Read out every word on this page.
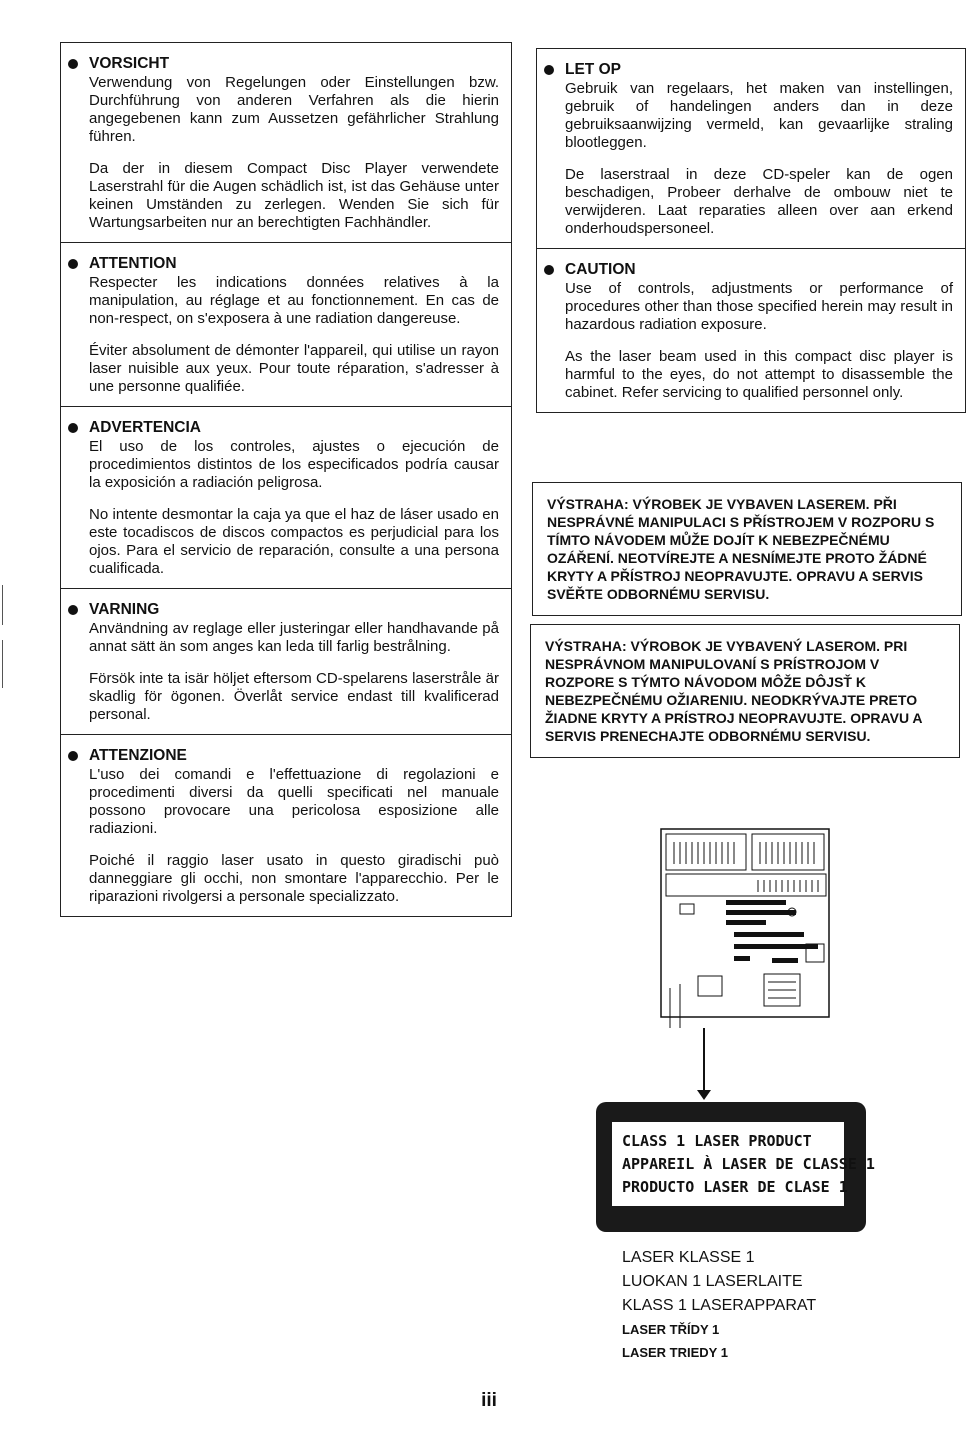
VORSICHT

Verwendung von Regelungen oder Einstellungen bzw. Durchführung von anderen Verfahren als die hierin angegebenen kann zum Aussetzen gefährlicher Strahlung führen.

Da der in diesem Compact Disc Player verwendete Laserstrahl für die Augen schädlich ist, ist das Gehäuse unter keinen Umständen zu zerlegen. Wenden Sie sich für Wartungsarbeiten nur an berechtigten Fachhändler.

ATTENTION

Respecter les indications données relatives à la manipulation, au réglage et au fonctionnement. En cas de non-respect, on s'exposera à une radiation dangereuse.

Éviter absolument de démonter l'appareil, qui utilise un rayon laser nuisible aux yeux. Pour toute réparation, s'adresser à une personne qualifiée.

ADVERTENCIA

El uso de los controles, ajustes o ejecución de procedimientos distintos de los especificados podría causar la exposición a radiación peligrosa.

No intente desmontar la caja ya que el haz de láser usado en este tocadiscos de discos compactos es perjudicial para los ojos. Para el servicio de reparación, consulte a una persona cualificada.

VARNING

Användning av reglage eller justeringar eller handhavande på annat sätt än som anges kan leda till farlig bestrålning.

Försök inte ta isär höljet eftersom CD-spelarens laserstråle är skadlig för ögonen. Överlåt service endast till kvalificerad personal.

ATTENZIONE

L'uso dei comandi e l'effettuazione di regolazioni e procedimenti diversi da quelli specificati nel manuale possono provocare una pericolosa esposizione alle radiazioni.

Poiché il raggio laser usato in questo giradischi può danneggiare gli occhi, non smontare l'apparecchio. Per le riparazioni rivolgersi a personale specializzato.

LET OP

Gebruik van regelaars, het maken van instellingen, gebruik of handelingen anders dan in deze gebruiksaanwijzing vermeld, kan gevaarlijke straling blootleggen.

De laserstraal in deze CD-speler kan de ogen beschadigen, Probeer derhalve de ombouw niet te verwijderen. Laat reparaties alleen over aan erkend onderhoudspersoneel.

CAUTION

Use of controls, adjustments or performance of procedures other than those specified herein may result in hazardous radiation exposure.

As the laser beam used in this compact disc player is harmful to the eyes, do not attempt to disassemble the cabinet. Refer servicing to qualified personnel only.

VÝSTRAHA: VÝROBEK JE VYBAVEN LASEREM. PŘI NESPRÁVNÉ MANIPULACI S PŘÍSTROJEM V ROZPORU S TÍMTO NÁVODEM MŮŽE DOJÍT K NEBEZPEČNÉMU OZÁŘENÍ. NEOTVÍREJTE A NESNÍMEJTE PROTO ŽÁDNÉ KRYTY A PŘÍSTROJ NEOPRAVUJTE. OPRAVU A SERVIS SVĚŘTE ODBORNÉMU SERVISU.
VÝSTRAHA: VÝROBOK JE VYBAVENÝ LASEROM. PRI NESPRÁVNOM MANIPULOVANÍ S PRÍSTROJOM V ROZPORE S TÝMTO NÁVODOM MÔŽE DÔJSŤ K NEBEZPEČNÉMU OŽIARENIU. NEODKRÝVAJTE PRETO ŽIADNE KRYTY A PRÍSTROJ NEOPRAVUJTE. OPRAVU A SERVIS PRENECHAJTE ODBORNÉMU SERVISU.
CLASS 1 LASER PRODUCT
APPAREIL À LASER DE CLASSE 1
PRODUCTO LASER DE CLASE 1
LASER KLASSE 1
LUOKAN 1 LASERLAITE
KLASS 1 LASERAPPARAT
LASER TŘÍDY 1
LASER TRIEDY 1
iii
